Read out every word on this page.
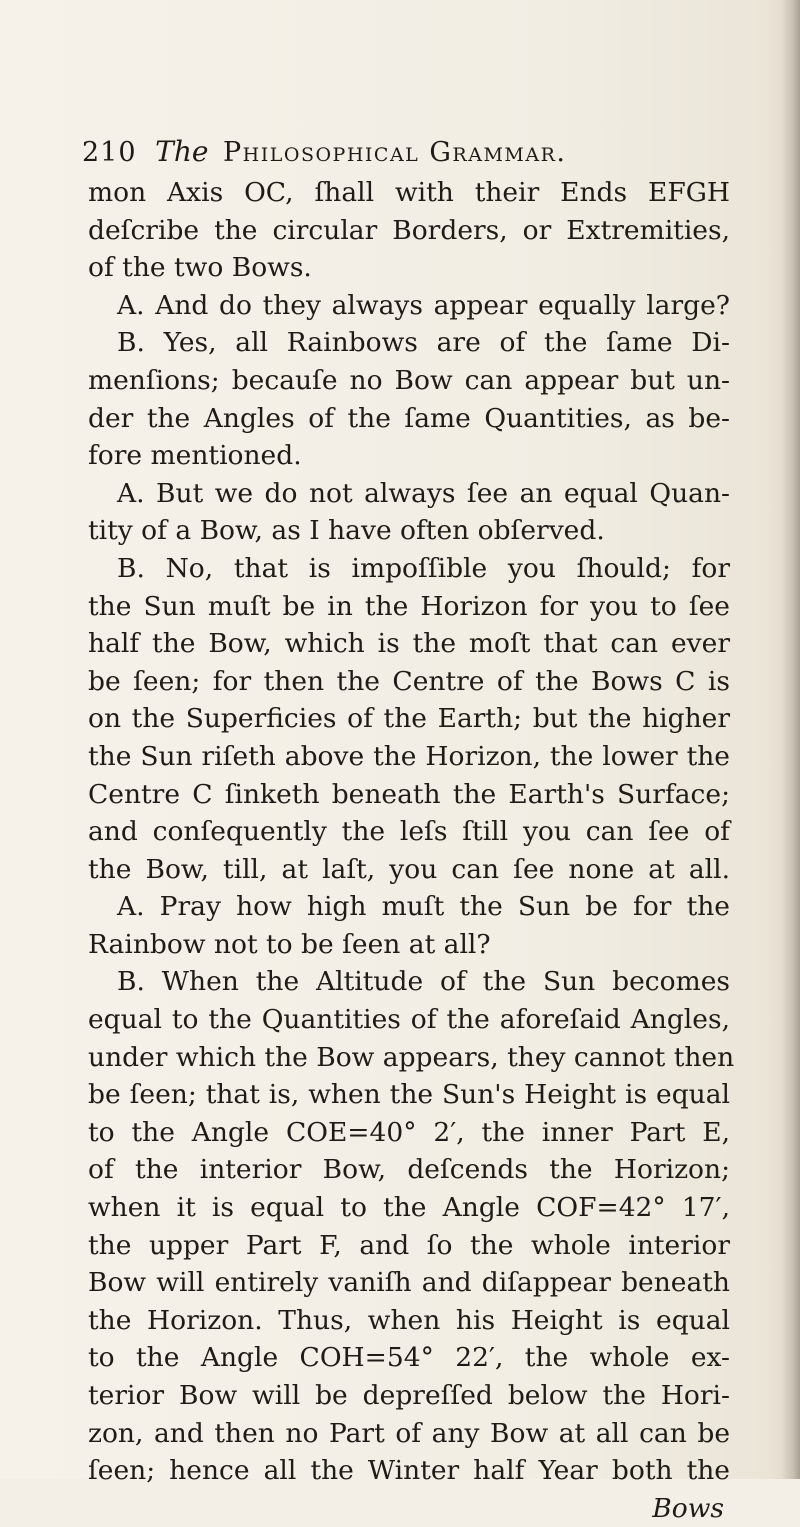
210 The Philosophical Grammar.
mon Axis OC, ſhall with their Ends EFGH
deſcribe the circular Borders, or Extremities,
of the two Bows.
A. And do they always appear equally large?
B. Yes, all Rainbows are of the ſame Di-
menſions; becauſe no Bow can appear but un-
der the Angles of the ſame Quantities, as be-
fore mentioned.
A. But we do not always ſee an equal Quan-
tity of a Bow, as I have often obſerved.
B. No, that is impoſſible you ſhould; for
the Sun muſt be in the Horizon for you to ſee
half the Bow, which is the moſt that can ever
be ſeen; for then the Centre of the Bows C is
on the Superficies of the Earth; but the higher
the Sun riſeth above the Horizon, the lower the
Centre C ſinketh beneath the Earth's Surface;
and conſequently the leſs ſtill you can ſee of
the Bow, till, at laſt, you can ſee none at all.
A. Pray how high muſt the Sun be for the
Rainbow not to be ſeen at all?
B. When the Altitude of the Sun becomes
equal to the Quantities of the aforeſaid Angles,
under which the Bow appears, they cannot then
be ſeen; that is, when the Sun's Height is equal
to the Angle COE=40° 2′, the inner Part E,
of the interior Bow, deſcends the Horizon;
when it is equal to the Angle COF=42° 17′,
the upper Part F, and ſo the whole interior
Bow will entirely vaniſh and diſappear beneath
the Horizon. Thus, when his Height is equal
to the Angle COH=54° 22′, the whole ex-
terior Bow will be depreſſed below the Hori-
zon, and then no Part of any Bow at all can be
ſeen; hence all the Winter half Year both the
Bows
